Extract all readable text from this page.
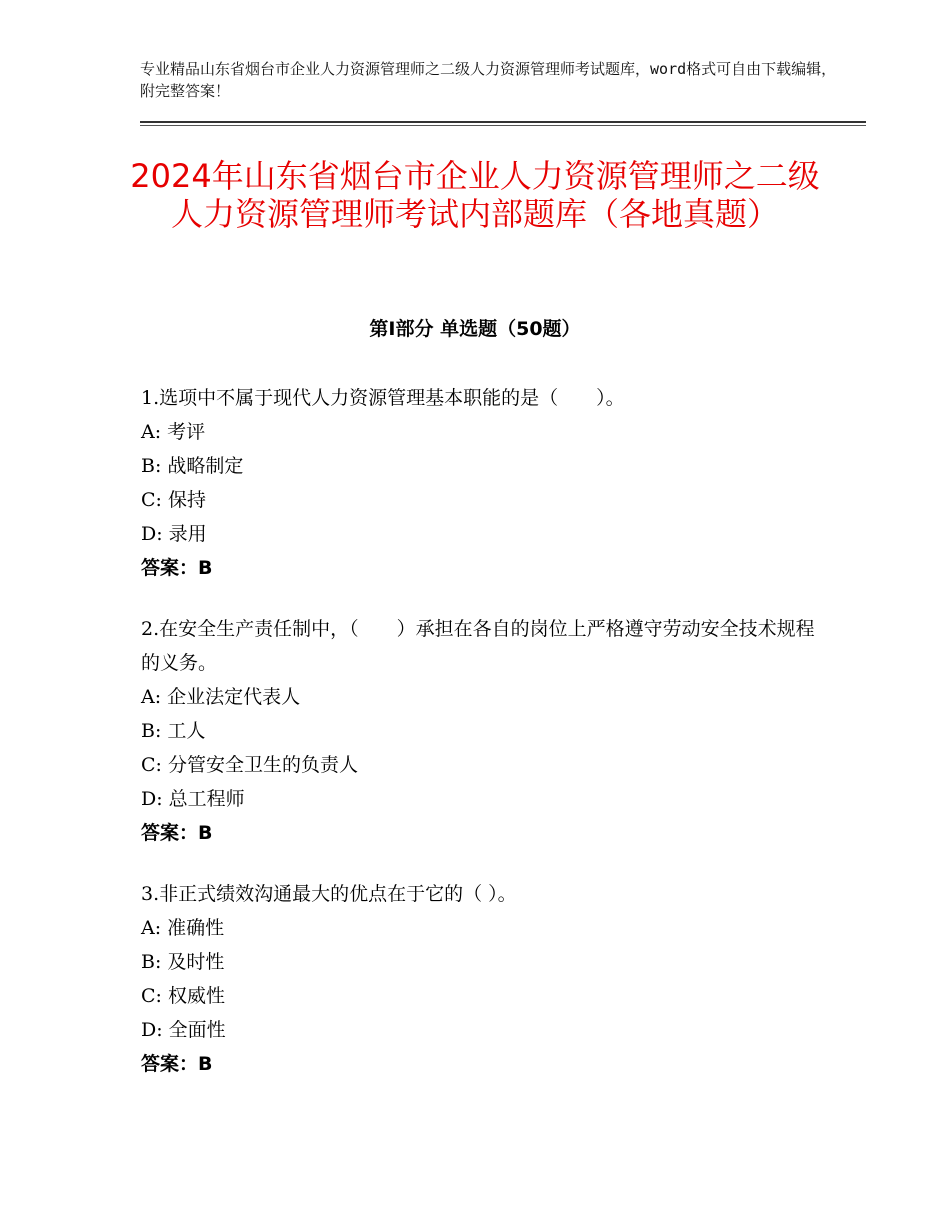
专业精品山东省烟台市企业人力资源管理师之二级人力资源管理师考试题库，word格式可自由下载编辑，附完整答案！
2024年山东省烟台市企业人力资源管理师之二级人力资源管理师考试内部题库（各地真题）
第Ⅰ部分 单选题（50题）

1.选项中不属于现代人力资源管理基本职能的是（　　）。

A: 考评

B: 战略制定

C: 保持

D: 录用

答案：B

2.在安全生产责任制中，（　　）承担在各自的岗位上严格遵守劳动安全技术规程的义务。

A: 企业法定代表人

B: 工人

C: 分管安全卫生的负责人

D: 总工程师

答案：B

3.非正式绩效沟通最大的优点在于它的（ ）。

A: 准确性

B: 及时性

C: 权威性

D: 全面性

答案：B
